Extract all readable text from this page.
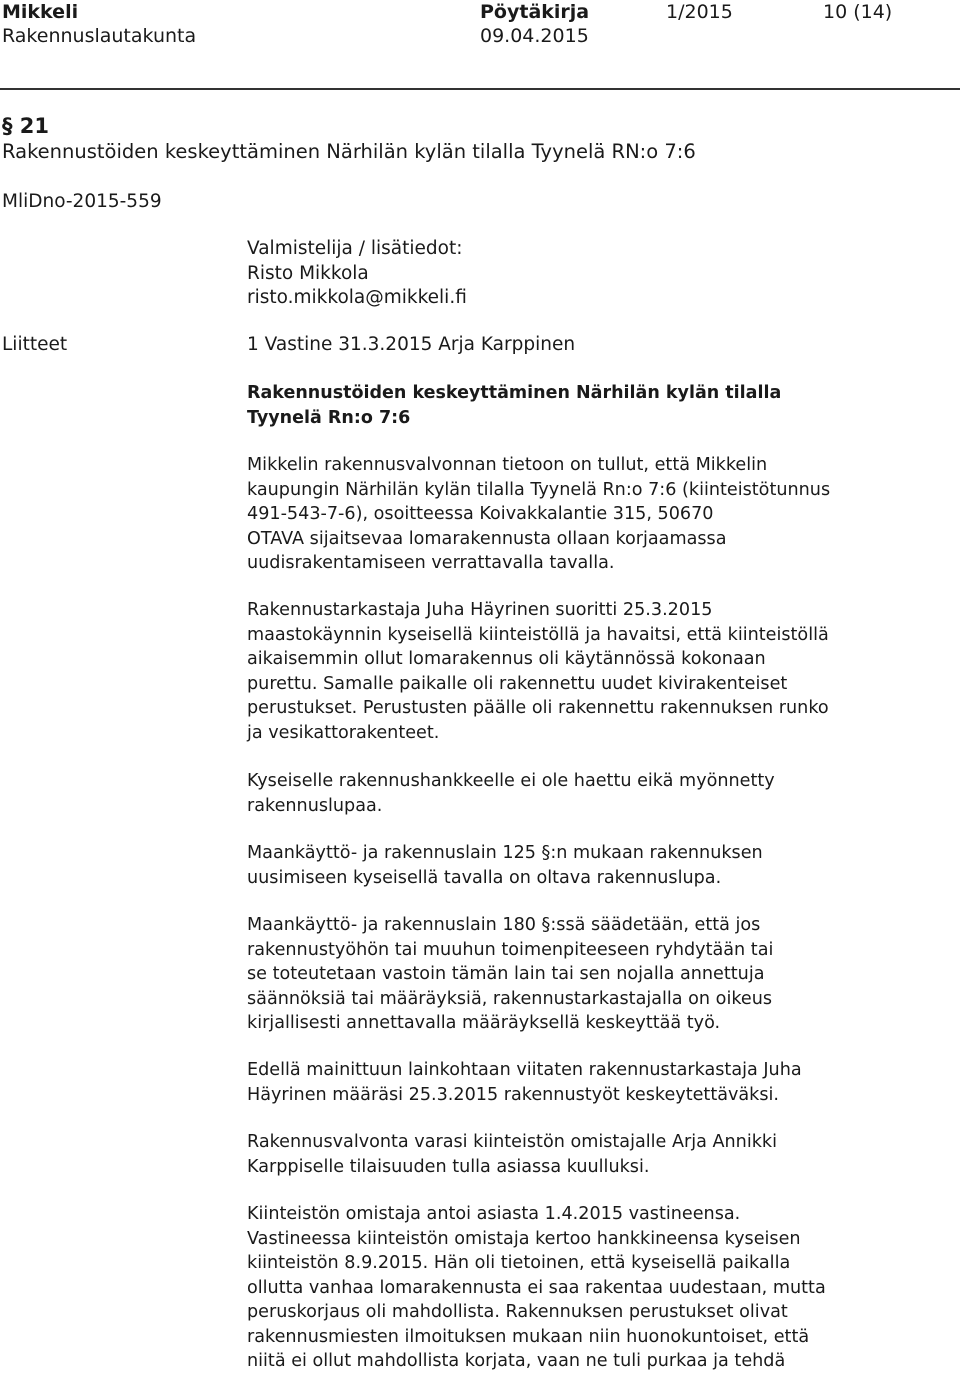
Mikkeli
Rakennuslautakunta
Pöytäkirja
09.04.2015
1/2015	10 (14)
§ 21
Rakennustöiden keskeyttäminen Närhilän kylän tilalla Tyynelä RN:o 7:6
MliDno-2015-559
Valmistelija / lisätiedot:
Risto Mikkola
risto.mikkola@mikkeli.fi
Liitteet	1 Vastine 31.3.2015 Arja Karppinen
Rakennustöiden keskeyttäminen Närhilän kylän tilalla
Tyynelä Rn:o 7:6
Mikkelin rakennusvalvonnan tietoon on tullut, että Mikkelin
kaupungin Närhilän kylän tilalla Tyynelä Rn:o 7:6 (kiinteistötunnus
491-543-7-6), osoitteessa Koivakkalantie 315, 50670
OTAVA sijaitsevaa lomarakennusta ollaan korjaamassa
uudisrakentamiseen verrattavalla tavalla.
Rakennustarkastaja Juha Häyrinen suoritti 25.3.2015
maastokäynnin kyseisellä kiinteistöllä ja havaitsi, että kiinteistöllä
aikaisemmin ollut lomarakennus oli käytännössä kokonaan
purettu. Samalle paikalle oli rakennettu uudet kivirakenteiset
perustukset. Perustusten päälle oli rakennettu rakennuksen runko
ja vesikattorakenteet.
Kyseiselle rakennushankkeelle ei ole haettu eikä myönnetty
rakennuslupaa.
Maankäyttö- ja rakennuslain 125 §:n mukaan rakennuksen
uusimiseen kyseisellä tavalla on oltava rakennuslupa.
Maankäyttö- ja rakennuslain 180 §:ssä säädetään, että jos
rakennustyöhön tai muuhun toimenpiteeseen ryhdytään tai
se toteutetaan vastoin tämän lain tai sen nojalla annettuja
säännöksiä tai määräyksiä, rakennustarkastajalla on oikeus
kirjallisesti annettavalla määräyksellä keskeyttää työ.
Edellä mainittuun lainkohtaan viitaten rakennustarkastaja Juha
Häyrinen määräsi 25.3.2015 rakennustyöt keskeytettäväksi.
Rakennusvalvonta varasi kiinteistön omistajalle Arja Annikki
Karppiselle tilaisuuden tulla asiassa kuulluksi.
Kiinteistön omistaja antoi asiasta 1.4.2015 vastineensa.
Vastineessa kiinteistön omistaja kertoo hankkineensa kyseisen
kiinteistön 8.9.2015. Hän oli tietoinen, että kyseisellä paikalla
ollutta vanhaa lomarakennusta ei saa rakentaa uudestaan, mutta
peruskorjaus oli mahdollista. Rakennuksen perustukset olivat
rakennusmiesten ilmoituksen mukaan niin huonokuntoiset, että
niitä ei ollut mahdollista korjata, vaan ne tuli purkaa ja tehdä
